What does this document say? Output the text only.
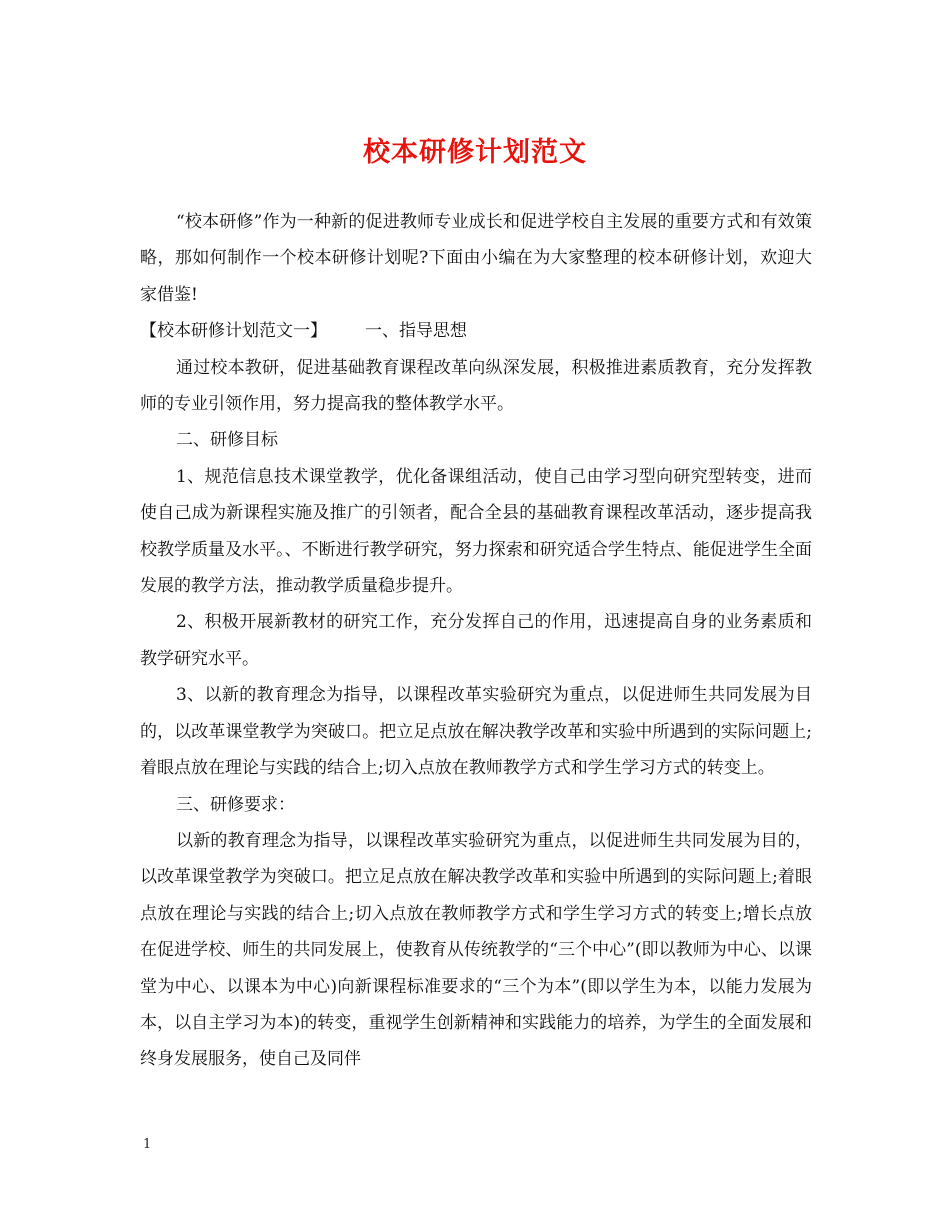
校本研修计划范文

“校本研修”作为一种新的促进教师专业成长和促进学校自主发展的重要方式和有效策略，那如何制作一个校本研修计划呢?下面由小编在为大家整理的校本研修计划，欢迎大家借鉴!

【校本研修计划范文一】 一、指导思想

通过校本教研，促进基础教育课程改革向纵深发展，积极推进素质教育，充分发挥教师的专业引领作用，努力提高我的整体教学水平。

二、研修目标

1、规范信息技术课堂教学，优化备课组活动，使自己由学习型向研究型转变，进而使自己成为新课程实施及推广的引领者，配合全县的基础教育课程改革活动，逐步提高我校教学质量及水平。、不断进行教学研究，努力探索和研究适合学生特点、能促进学生全面发展的教学方法，推动教学质量稳步提升。

2、积极开展新教材的研究工作，充分发挥自己的作用，迅速提高自身的业务素质和教学研究水平。

3、以新的教育理念为指导，以课程改革实验研究为重点，以促进师生共同发展为目的，以改革课堂教学为突破口。把立足点放在解决教学改革和实验中所遇到的实际问题上;着眼点放在理论与实践的结合上;切入点放在教师教学方式和学生学习方式的转变上。

三、研修要求：

以新的教育理念为指导，以课程改革实验研究为重点，以促进师生共同发展为目的，以改革课堂教学为突破口。把立足点放在解决教学改革和实验中所遇到的实际问题上;着眼点放在理论与实践的结合上;切入点放在教师教学方式和学生学习方式的转变上;增长点放在促进学校、师生的共同发展上，使教育从传统教学的“三个中心”(即以教师为中心、以课堂为中心、以课本为中心)向新课程标准要求的“三个为本”(即以学生为本，以能力发展为本，以自主学习为本)的转变，重视学生创新精神和实践能力的培养，为学生的全面发展和终身发展服务，使自己及同伴

1
